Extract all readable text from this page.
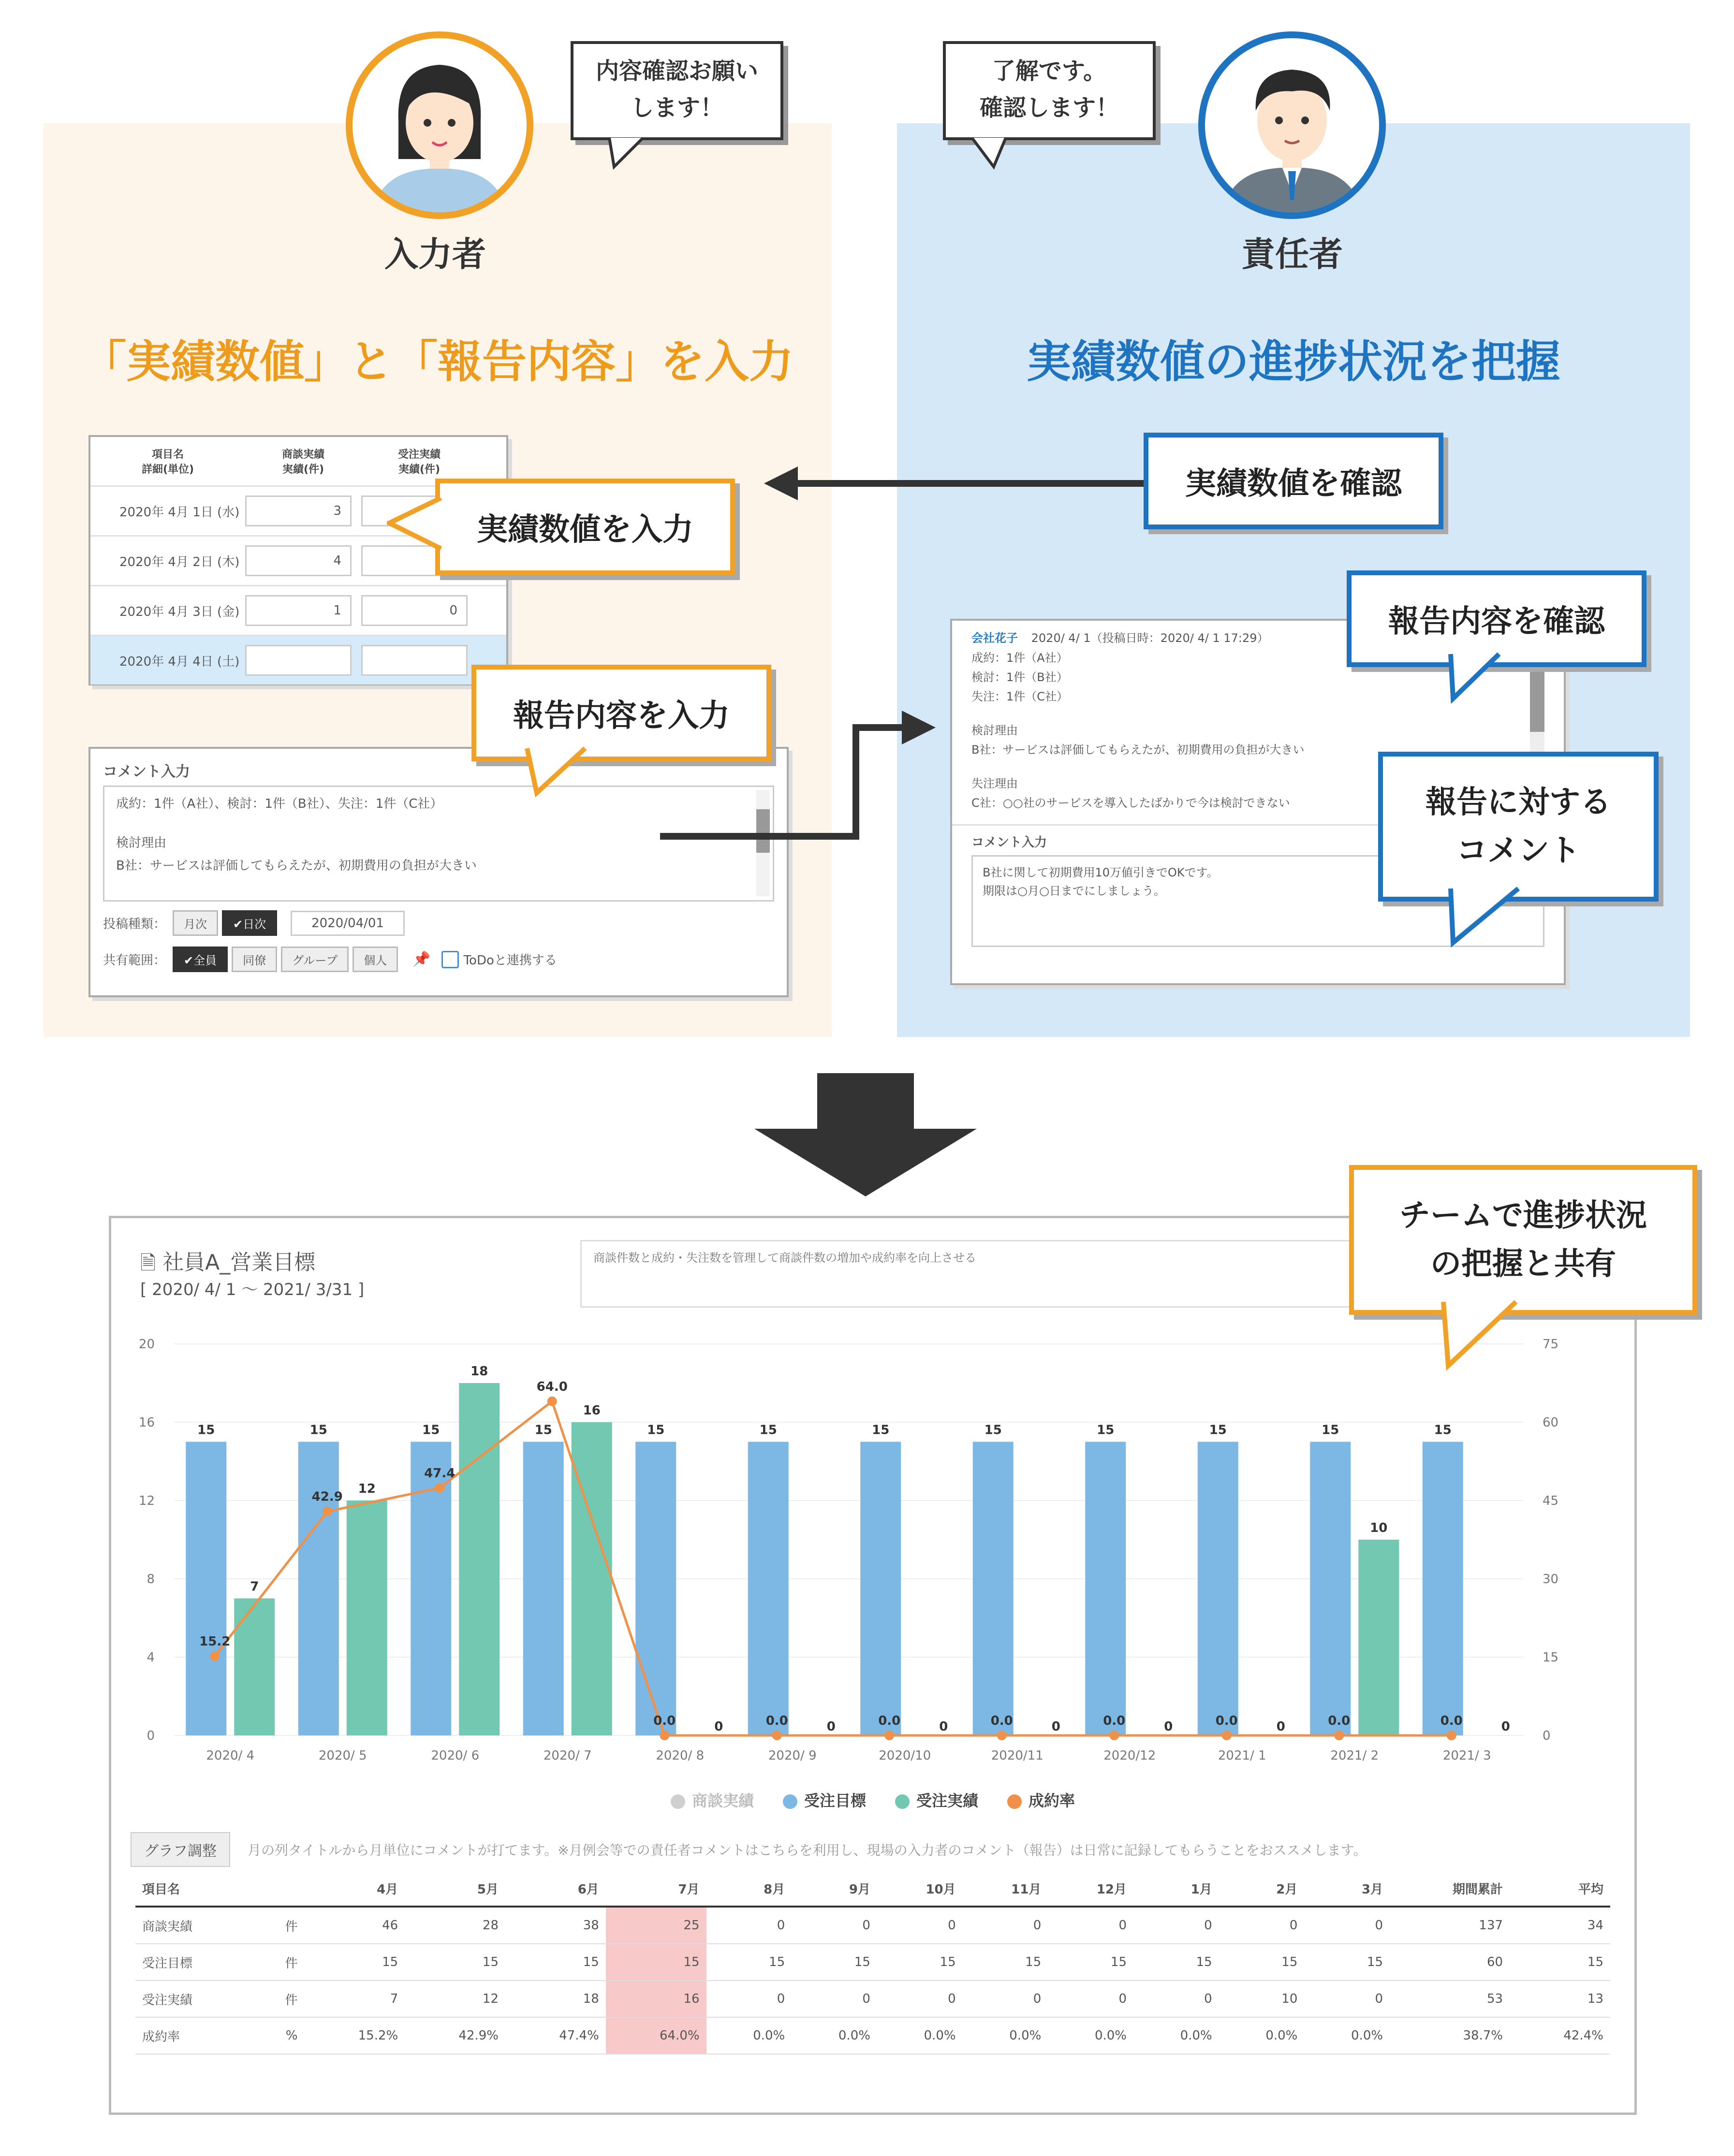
入力者	責任者
内容確認お願い
します！
了解です。
確認します！
「実績数値」と「報告内容」を入力	実績数値の進捗状況を把握
項目名
詳細(単位)
商談実績
実績(件)
受注実績
実績(件)
2020年 4月 1日 (水)	3
2020年 4月 2日 (木)	4
2020年 4月 3日 (金)	1	0
2020年 4月 4日 (土)
実績数値を入力
コメント入力
成約：1件（A社）、検討：1件（B社）、失注：1件（C社）
検討理由
B社：サービスは評価してもらえたが、初期費用の負担が大きい
投稿種類：	月次	✔日次	2020/04/01
共有範囲：	✔全員	同僚	グループ	個人	📌	ToDoと連携する
報告内容を入力
実績数値を確認
会社花子 2020/ 4/ 1（投稿日時：2020/ 4/ 1 17:29）
成約：1件（A社）
検討：1件（B社）
失注：1件（C社）
検討理由
B社：サービスは評価してもらえたが、初期費用の負担が大きい
失注理由
C社：○○社のサービスを導入したばかりで今は検討できない
コメント入力
B社に関して初期費用10万値引きでOKです。
期限は○月○日までにしましょう。
報告内容を確認
報告に対する
コメント
🗎 社員A_営業目標
[ 2020/ 4/ 1 ～ 2021/ 3/31 ]
商談件数と成約・失注数を管理して商談件数の増加や成約率を向上させる
0
4
8
12
16
20
0
15
30
45
60
75
15
7
2020/ 4
15
12
2020/ 5
15
18
2020/ 6
15
16
2020/ 7
15
0
2020/ 8
15
0
2020/ 9
15
0
2020/10
15
0
2020/11
15
0
2020/12
15
0
2021/ 1
15
10
2021/ 2
15
0
2021/ 3
15.2
42.9
47.4
64.0
0.0	0.0	0.0	0.0	0.0	0.0	0.0	0.0
商談実績	受注目標	受注実績	成約率
グラフ調整	月の列タイトルから月単位にコメントが打てます。※月例会等での責任者コメントはこちらを利用し、現場の入力者のコメント（報告）は日常に記録してもらうことをおススメします。
項目名		4月	5月	6月	7月	8月	9月	10月	11月	12月	1月	2月	3月	期間累計	平均
商談実績	件	46	28	38	25	0	0	0	0	0	0	0	0	137	34
受注目標	件	15	15	15	15	15	15	15	15	15	15	15	15	60	15
受注実績	件	7	12	18	16	0	0	0	0	0	0	10	0	53	13
成約率	%	15.2%	42.9%	47.4%	64.0%	0.0%	0.0%	0.0%	0.0%	0.0%	0.0%	0.0%	0.0%	38.7%	42.4%
チームで進捗状況
の把握と共有
